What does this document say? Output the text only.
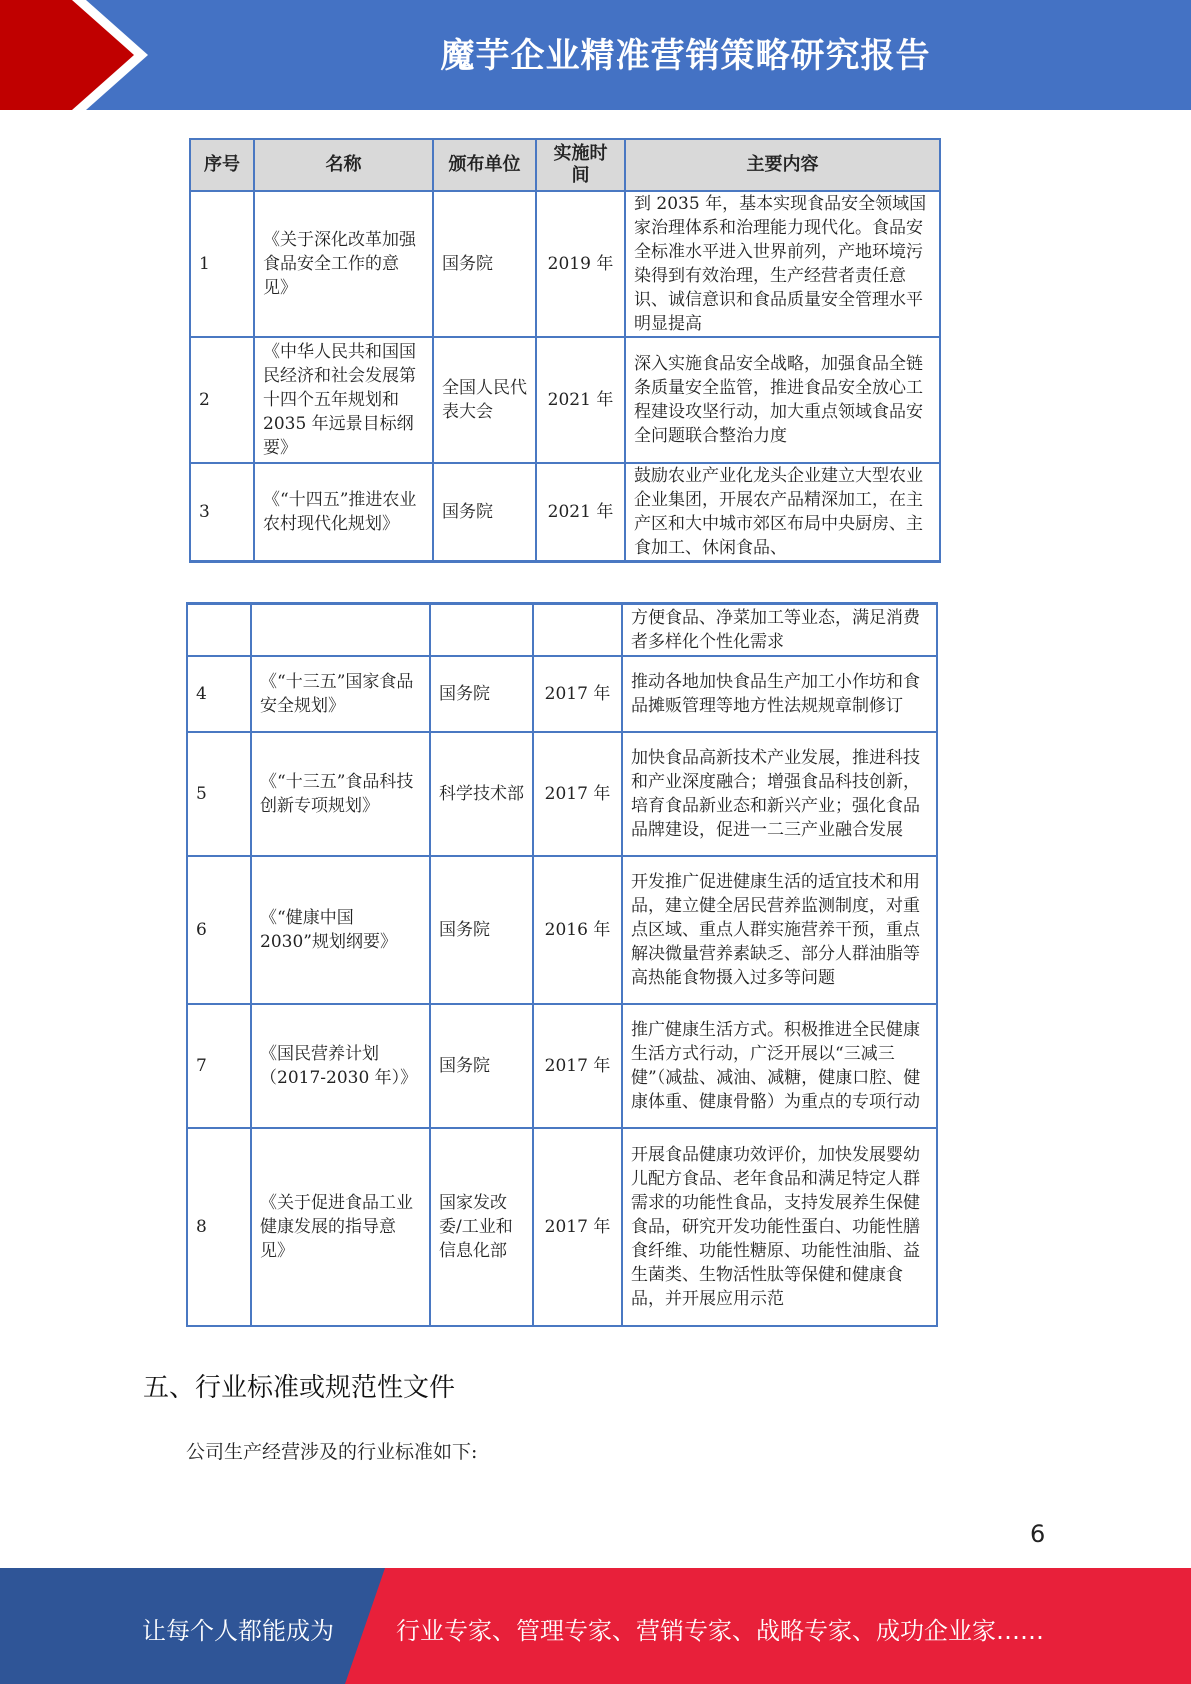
魔芋企业精准营销策略研究报告
序号	名称	颁布单位	实施时间	主要内容
1	《关于深化改革加强食品安全工作的意见》	国务院	2019 年	到 2035 年，基本实现食品安全领域国家治理体系和治理能力现代化。食品安全标准水平进入世界前列，产地环境污染得到有效治理，生产经营者责任意识、诚信意识和食品质量安全管理水平明显提高
2	《中华人民共和国国民经济和社会发展第十四个五年规划和 2035 年远景目标纲要》	全国人民代表大会	2021 年	深入实施食品安全战略，加强食品全链条质量安全监管，推进食品安全放心工程建设攻坚行动，加大重点领域食品安全问题联合整治力度
3	《“十四五”推进农业农村现代化规划》	国务院	2021 年	鼓励农业产业化龙头企业建立大型农业企业集团，开展农产品精深加工，在主产区和大中城市郊区布局中央厨房、主食加工、休闲食品、
				方便食品、净菜加工等业态，满足消费者多样化个性化需求
4	《“十三五”国家食品安全规划》	国务院	2017 年	推动各地加快食品生产加工小作坊和食品摊贩管理等地方性法规规章制修订
5	《“十三五”食品科技创新专项规划》	科学技术部	2017 年	加快食品高新技术产业发展，推进科技和产业深度融合；增强食品科技创新，培育食品新业态和新兴产业；强化食品品牌建设，促进一二三产业融合发展
6	《“健康中国 2030”规划纲要》	国务院	2016 年	开发推广促进健康生活的适宜技术和用品，建立健全居民营养监测制度，对重点区域、重点人群实施营养干预，重点解决微量营养素缺乏、部分人群油脂等高热能食物摄入过多等问题
7	《国民营养计划（2017-2030 年）》	国务院	2017 年	推广健康生活方式。积极推进全民健康生活方式行动，广泛开展以“三减三健”（减盐、减油、减糖，健康口腔、健康体重、健康骨骼）为重点的专项行动
8	《关于促进食品工业健康发展的指导意见》	国家发改委/工业和信息化部	2017 年	开展食品健康功效评价，加快发展婴幼儿配方食品、老年食品和满足特定人群需求的功能性食品，支持发展养生保健食品，研究开发功能性蛋白、功能性膳食纤维、功能性糖原、功能性油脂、益生菌类、生物活性肽等保健和健康食品，并开展应用示范
五、行业标准或规范性文件
公司生产经营涉及的行业标准如下:
6
让每个人都能成为	行业专家、管理专家、营销专家、战略专家、成功企业家……
